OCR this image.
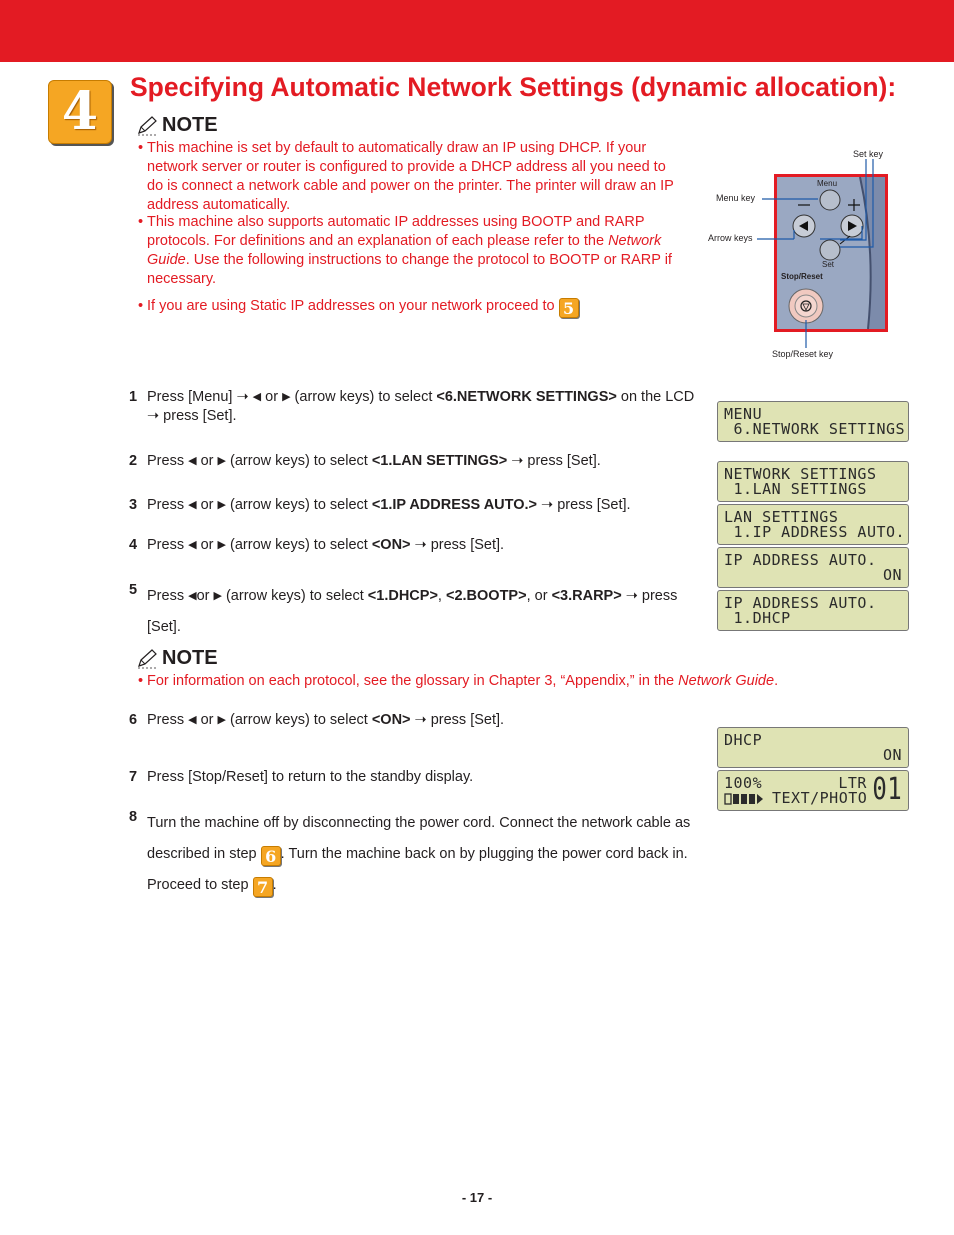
4	Specifying Automatic Network Settings (dynamic allocation):
NOTE
• This machine is set by default to automatically draw an IP using DHCP. If your network server or router is configured to provide a DHCP address all you need to do is connect a network cable and power on the printer. The printer will draw an IP address automatically.
• This machine also supports automatic IP addresses using BOOTP and RARP protocols. For definitions and an explanation of each please refer to the Network Guide. Use the following instructions to change the protocol to BOOTP or RARP if necessary.
• If you are using Static IP addresses on your network proceed to 5
Set key
Menu key
Arrow keys
Stop/Reset key
Menu
Set
Stop/Reset
1 Press [Menu] ➝ ◀ or ▶ (arrow keys) to select <6.NETWORK SETTINGS> on the LCD
➝ press [Set].
2 Press ◀ or ▶ (arrow keys) to select <1.LAN SETTINGS> ➝ press [Set].
3 Press ◀ or ▶ (arrow keys) to select <1.IP ADDRESS AUTO.> ➝ press [Set].
4 Press ◀ or ▶ (arrow keys) to select <ON> ➝ press [Set].
5 Press ◀or ▶ (arrow keys) to select <1.DHCP>, <2.BOOTP>, or <3.RARP> ➝ press
[Set].
NOTE
• For information on each protocol, see the glossary in Chapter 3, “Appendix,” in the Network Guide.
6 Press ◀ or ▶ (arrow keys) to select <ON> ➝ press [Set].
7 Press [Stop/Reset] to return to the standby display.
8 Turn the machine off by disconnecting the power cord. Connect the network cable as
described in step 6 . Turn the machine back on by plugging the power cord back in.
Proceed to step 7 .
MENU
6.NETWORK SETTINGS
NETWORK SETTINGS
1.LAN SETTINGS
LAN SETTINGS
1.IP ADDRESS AUTO.
IP ADDRESS AUTO.
ON
IP ADDRESS AUTO.
1.DHCP
DHCP
ON
100%        LTR
TEXT/PHOTO 01
- 17 -
